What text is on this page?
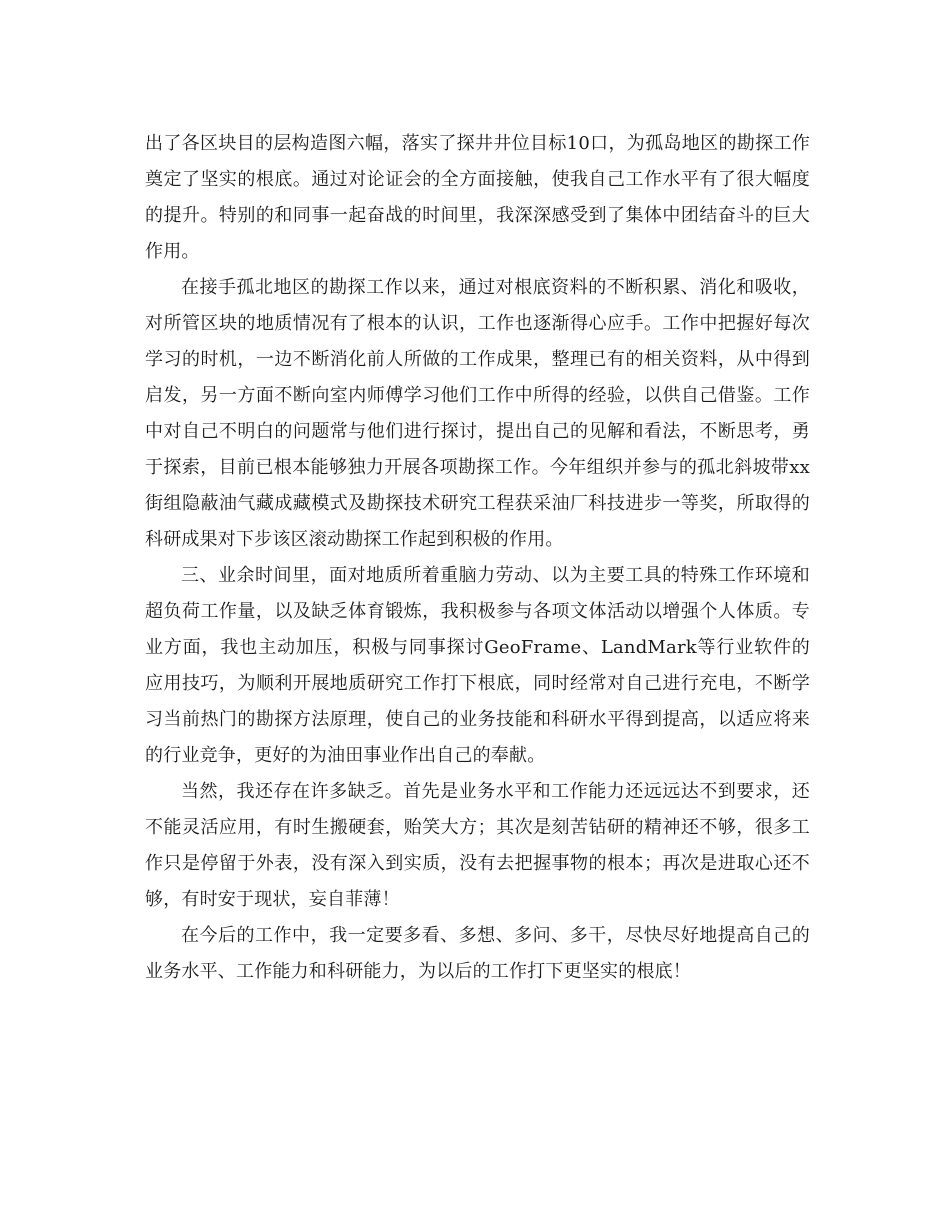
出了各区块目的层构造图六幅，落实了探井井位目标10口，为孤岛地区的勘探工作奠定了坚实的根底。通过对论证会的全方面接触，使我自己工作水平有了很大幅度的提升。特别的和同事一起奋战的时间里，我深深感受到了集体中团结奋斗的巨大作用。

在接手孤北地区的勘探工作以来，通过对根底资料的不断积累、消化和吸收，对所管区块的地质情况有了根本的认识，工作也逐渐得心应手。工作中把握好每次学习的时机，一边不断消化前人所做的工作成果，整理已有的相关资料，从中得到启发，另一方面不断向室内师傅学习他们工作中所得的经验，以供自己借鉴。工作中对自己不明白的问题常与他们进行探讨，提出自己的见解和看法，不断思考，勇于探索，目前已根本能够独力开展各项勘探工作。今年组织并参与的孤北斜坡带xx街组隐蔽油气藏成藏模式及勘探技术研究工程获采油厂科技进步一等奖，所取得的科研成果对下步该区滚动勘探工作起到积极的作用。

三、业余时间里，面对地质所着重脑力劳动、以为主要工具的特殊工作环境和超负荷工作量，以及缺乏体育锻炼，我积极参与各项文体活动以增强个人体质。专业方面，我也主动加压，积极与同事探讨GeoFrame、LandMark等行业软件的应用技巧，为顺利开展地质研究工作打下根底，同时经常对自己进行充电，不断学习当前热门的勘探方法原理，使自己的业务技能和科研水平得到提高，以适应将来的行业竞争，更好的为油田事业作出自己的奉献。

当然，我还存在许多缺乏。首先是业务水平和工作能力还远远达不到要求，还不能灵活应用，有时生搬硬套，贻笑大方；其次是刻苦钻研的精神还不够，很多工作只是停留于外表，没有深入到实质，没有去把握事物的根本；再次是进取心还不够，有时安于现状，妄自菲薄！

在今后的工作中，我一定要多看、多想、多问、多干，尽快尽好地提高自己的业务水平、工作能力和科研能力，为以后的工作打下更坚实的根底！
